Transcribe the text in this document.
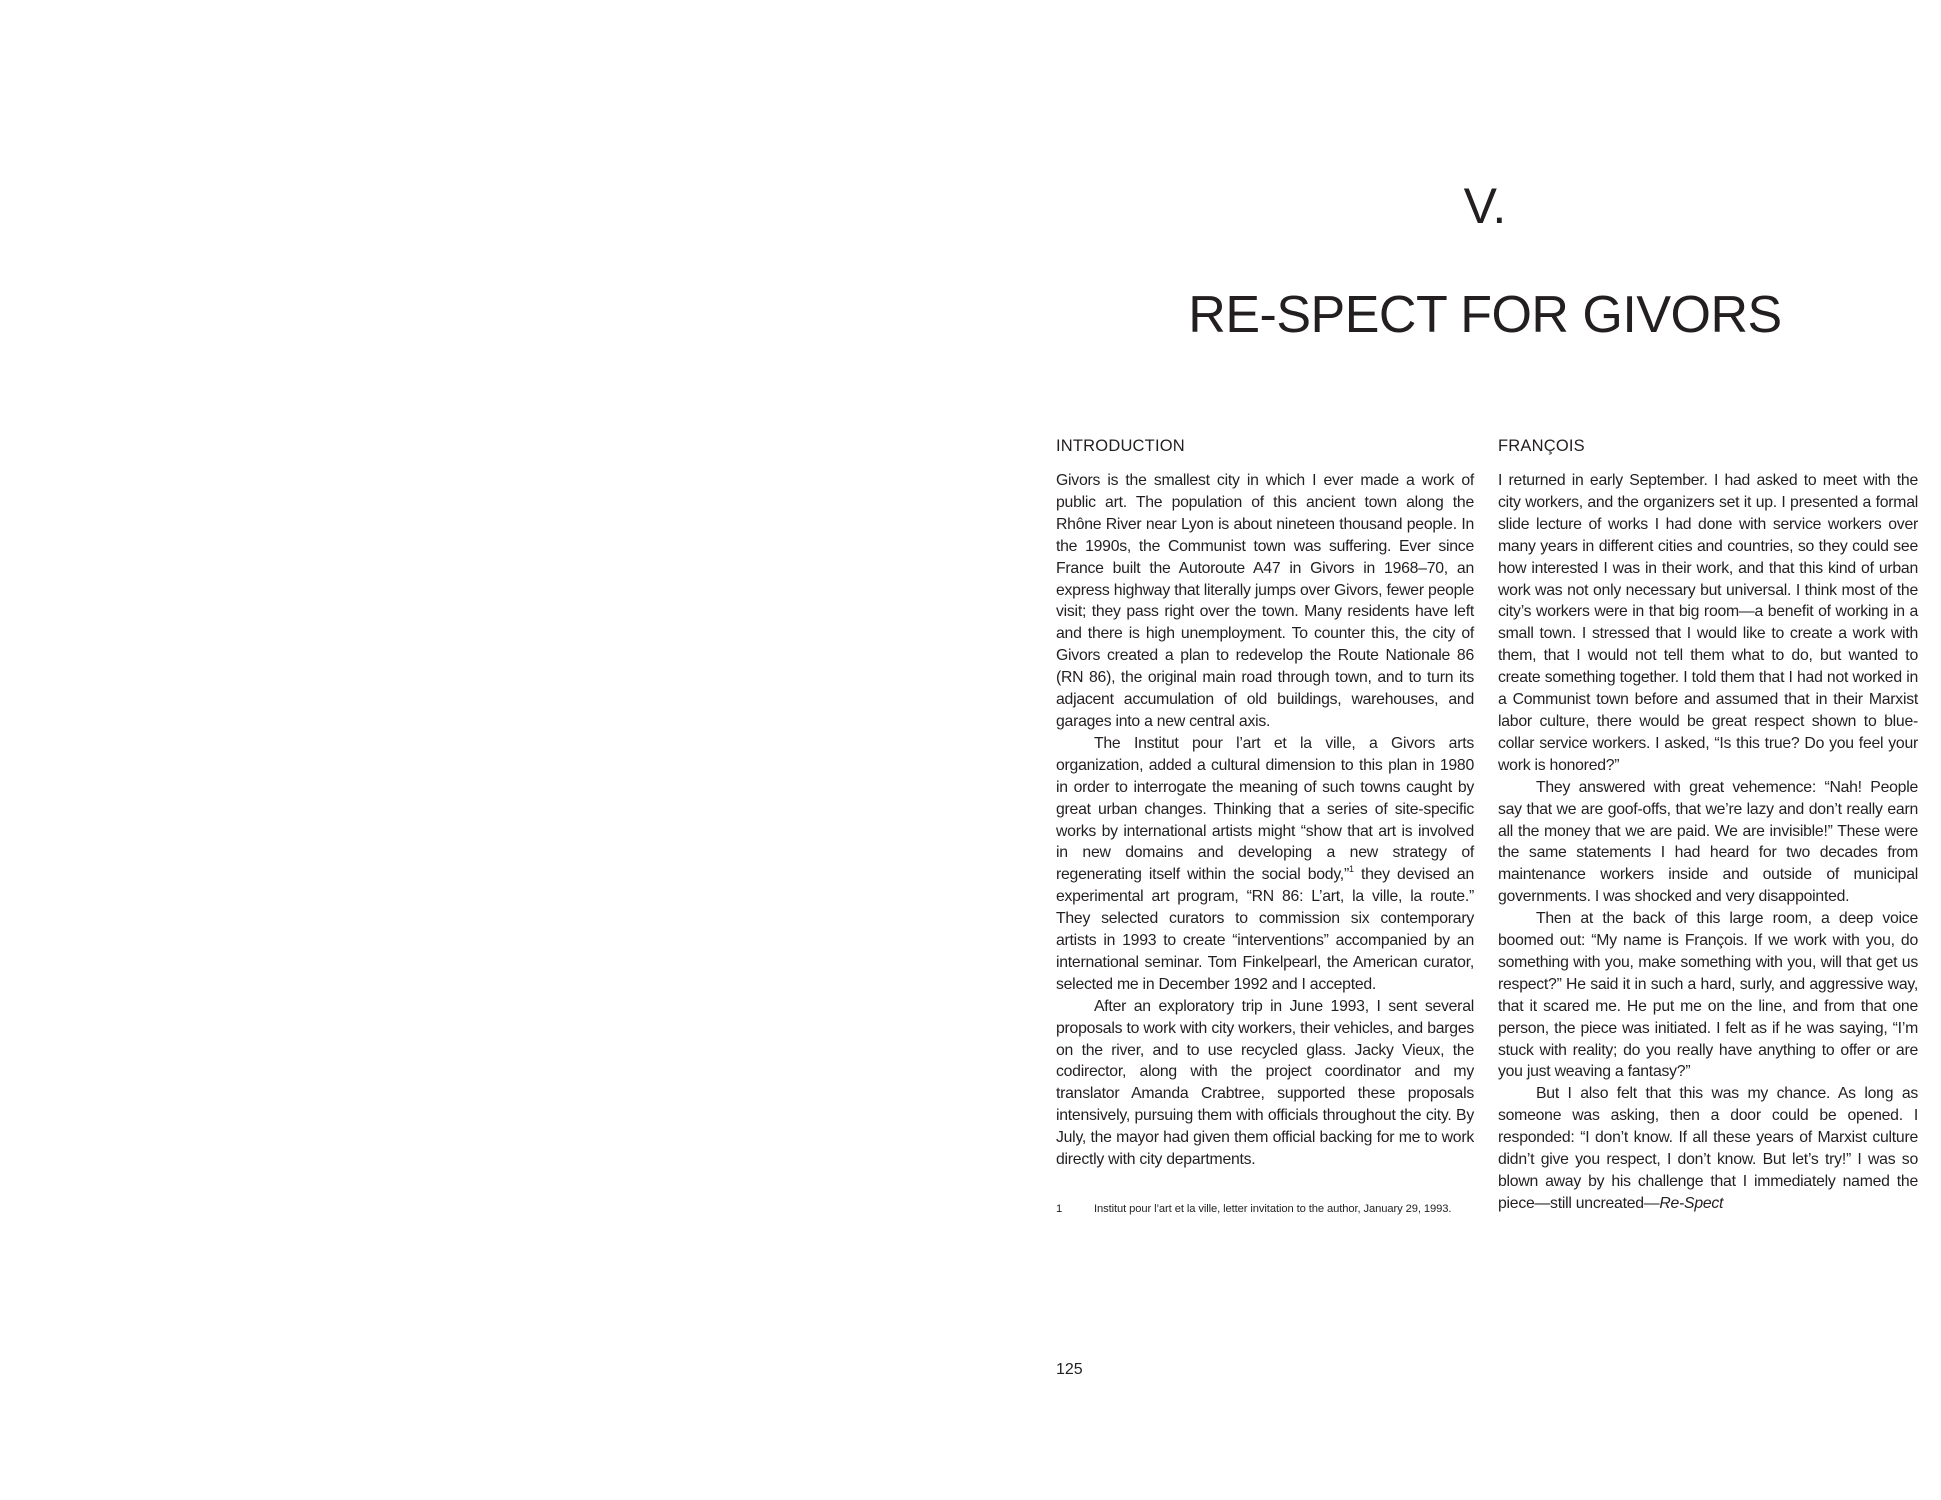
V.
RE-SPECT FOR GIVORS
INTRODUCTION

Givors is the smallest city in which I ever made a work of public art. The population of this ancient town along the Rhône River near Lyon is about nineteen thousand people. In the 1990s, the Communist town was suffering. Ever since France built the Autoroute A47 in Givors in 1968–70, an express highway that literally jumps over Givors, fewer people visit; they pass right over the town. Many residents have left and there is high unemployment. To counter this, the city of Givors created a plan to redevelop the Route Nationale 86 (RN 86), the original main road through town, and to turn its adjacent accumulation of old buildings, warehouses, and garages into a new central axis.

The Institut pour l’art et la ville, a Givors arts organization, added a cultural dimension to this plan in 1980 in order to interrogate the meaning of such towns caught by great urban changes. Thinking that a series of site-specific works by international artists might “show that art is involved in new domains and developing a new strategy of regenerating itself within the social body,”$^1$ they devised an experimental art program, “RN 86: L’art, la ville, la route.” They selected curators to commission six contemporary artists in 1993 to create “interventions” accompanied by an international seminar. Tom Finkelpearl, the American curator, selected me in December 1992 and I accepted.

After an exploratory trip in June 1993, I sent several proposals to work with city workers, their vehicles, and barges on the river, and to use recycled glass. Jacky Vieux, the codirector, along with the project coordinator and my translator Amanda Crabtree, supported these proposals intensively, pursuing them with officials throughout the city. By July, the mayor had given them official backing for me to work directly with city departments.

1	Institut pour l’art et la ville, letter invitation to the author, January 29, 1993.
FRANÇOIS

I returned in early September. I had asked to meet with the city workers, and the organizers set it up. I presented a formal slide lecture of works I had done with service workers over many years in different cities and countries, so they could see how interested I was in their work, and that this kind of urban work was not only necessary but universal. I think most of the city’s workers were in that big room—a benefit of working in a small town. I stressed that I would like to create a work with them, that I would not tell them what to do, but wanted to create something together. I told them that I had not worked in a Communist town before and assumed that in their Marxist labor culture, there would be great respect shown to blue-collar service workers. I asked, “Is this true? Do you feel your work is honored?”

They answered with great vehemence: “Nah! People say that we are goof-offs, that we’re lazy and don’t really earn all the money that we are paid. We are invisible!” These were the same statements I had heard for two decades from maintenance workers inside and outside of municipal governments. I was shocked and very disappointed.

Then at the back of this large room, a deep voice boomed out: “My name is François. If we work with you, do something with you, make something with you, will that get us respect?” He said it in such a hard, surly, and aggressive way, that it scared me. He put me on the line, and from that one person, the piece was initiated. I felt as if he was saying, “I’m stuck with reality; do you really have anything to offer or are you just weaving a fantasy?”

But I also felt that this was my chance. As long as someone was asking, then a door could be opened. I responded: “I don’t know. If all these years of Marxist culture didn’t give you respect, I don’t know. But let’s try!” I was so blown away by his challenge that I immediately named the piece—still uncreated—Re-Spect

125
